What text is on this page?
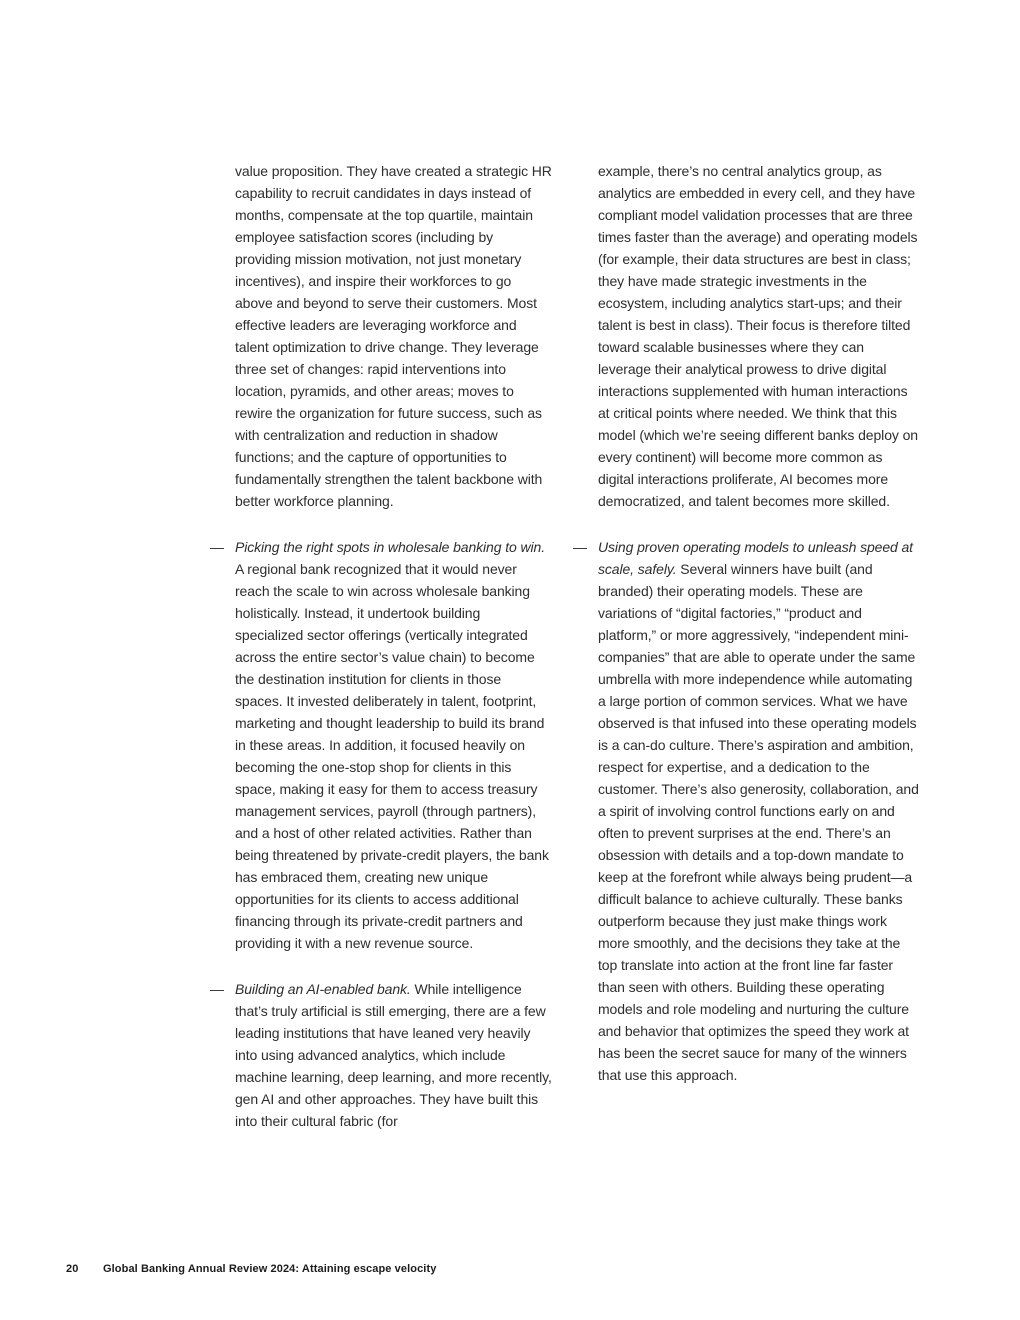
value proposition. They have created a strategic HR capability to recruit candidates in days instead of months, compensate at the top quartile, maintain employee satisfaction scores (including by providing mission motivation, not just monetary incentives), and inspire their workforces to go above and beyond to serve their customers. Most effective leaders are leveraging workforce and talent optimization to drive change. They leverage three set of changes: rapid interventions into location, pyramids, and other areas; moves to rewire the organization for future success, such as with centralization and reduction in shadow functions; and the capture of opportunities to fundamentally strengthen the talent backbone with better workforce planning.

— Picking the right spots in wholesale banking to win. A regional bank recognized that it would never reach the scale to win across wholesale banking holistically. Instead, it undertook building specialized sector offerings (vertically integrated across the entire sector’s value chain) to become the destination institution for clients in those spaces. It invested deliberately in talent, footprint, marketing and thought leadership to build its brand in these areas. In addition, it focused heavily on becoming the one-stop shop for clients in this space, making it easy for them to access treasury management services, payroll (through partners), and a host of other related activities. Rather than being threatened by private-credit players, the bank has embraced them, creating new unique opportunities for its clients to access additional financing through its private-credit partners and providing it with a new revenue source.
— Building an AI-enabled bank. While intelligence that’s truly artificial is still emerging, there are a few leading institutions that have leaned very heavily into using advanced analytics, which include machine learning, deep learning, and more recently, gen AI and other approaches. They have built this into their cultural fabric (for

example, there’s no central analytics group, as analytics are embedded in every cell, and they have compliant model validation processes that are three times faster than the average) and operating models (for example, their data structures are best in class; they have made strategic investments in the ecosystem, including analytics start-ups; and their talent is best in class). Their focus is therefore tilted toward scalable businesses where they can leverage their analytical prowess to drive digital interactions supplemented with human interactions at critical points where needed. We think that this model (which we’re seeing different banks deploy on every continent) will become more common as digital interactions proliferate, AI becomes more democratized, and talent becomes more skilled.

— Using proven operating models to unleash speed at scale, safely. Several winners have built (and branded) their operating models. These are variations of “digital factories,” “product and platform,” or more aggressively, “independent mini-companies” that are able to operate under the same umbrella with more independence while automating a large portion of common services. What we have observed is that infused into these operating models is a can-do culture. There’s aspiration and ambition, respect for expertise, and a dedication to the customer. There’s also generosity, collaboration, and a spirit of involving control functions early on and often to prevent surprises at the end. There’s an obsession with details and a top-down mandate to keep at the forefront while always being prudent—a difficult balance to achieve culturally. These banks outperform because they just make things work more smoothly, and the decisions they take at the top translate into action at the front line far faster than seen with others. Building these operating models and role modeling and nurturing the culture and behavior that optimizes the speed they work at has been the secret sauce for many of the winners that use this approach.
20	Global Banking Annual Review 2024: Attaining escape velocity
